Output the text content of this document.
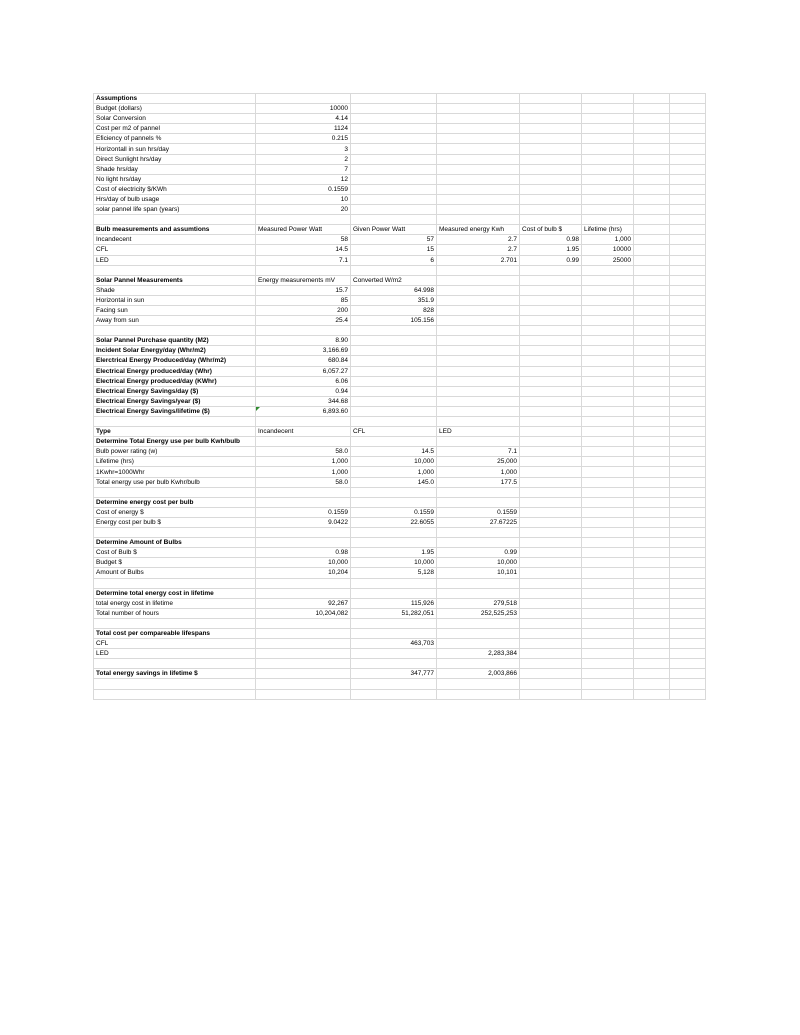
Assumptions							
Budget (dollars)	10000						
Solar Conversion	4.14						
Cost per m2 of pannel	1124						
Eficiency of pannels %	0.215						
Horizontall in sun hrs/day	3						
Direct Sunlight hrs/day	2						
Shade hrs/day	7						
No light hrs/day	12						
Cost of electricity $/KWh	0.1559						
Hrs/day of bulb usage	10						
solar pannel life span (years)	20						

Bulb measurements and assumtions	Measured Power Watt	Given Power Watt	Measured energy Kwh	Cost of bulb $	Lifetime (hrs)		
Incandecent	58	57	2.7	0.98	1,000		
CFL	14.5	15	2.7	1.95	10000		
LED	7.1	6	2.701	0.99	25000		

Solar Pannel Measurements	Energy measurements mV	Converted W/m2					
Shade	15.7	64.998					
Horizontal in sun	85	351.9					
Facing sun	200	828					
Away from sun	25.4	105.156					

Solar Pannel Purchase quantity (M2)	8.90						
Incident Solar Energy/day (Whr/m2)	3,166.69						
Elerctrical Energy Produced/day (Whr/m2)	680.84						
Electrical Energy produced/day (Whr)	6,057.27						
Electrical Energy produced/day (KWhr)	6.06						
Electrical Energy Savings/day ($)	0.94						
Electrical Energy Savings/year ($)	344.68						
Electrical Energy Savings/lifetime ($)	6,893.60

Type	Incandecent	CFL	LED				
Determine Total Energy use per bulb Kwh/bulb							
Bulb power rating (w)	58.0	14.5	7.1				
Lifetime (hrs)	1,000	10,000	25,000				
1Kwhr=1000Whr	1,000	1,000	1,000				
Total energy use per bulb Kwhr/bulb	58.0	145.0	177.5				

Determine energy cost per bulb							
Cost of energy $	0.1559	0.1559	0.1559				
Energy cost per bulb $	9.0422	22.6055	27.67225				

Determine Amount of Bulbs							
Cost of Bulb $	0.98	1.95	0.99				
Budget $	10,000	10,000	10,000				
Amount of Bulbs	10,204	5,128	10,101				

Determine total energy cost in lifetime							
total energy cost in lifetime	92,267	115,926	279,518				
Total number of hours	10,204,082	51,282,051	252,525,253				

Total cost per compareable lifespans							
CFL		463,703					
LED			2,283,384				

Total energy savings in lifetime $		347,777	2,003,866				
